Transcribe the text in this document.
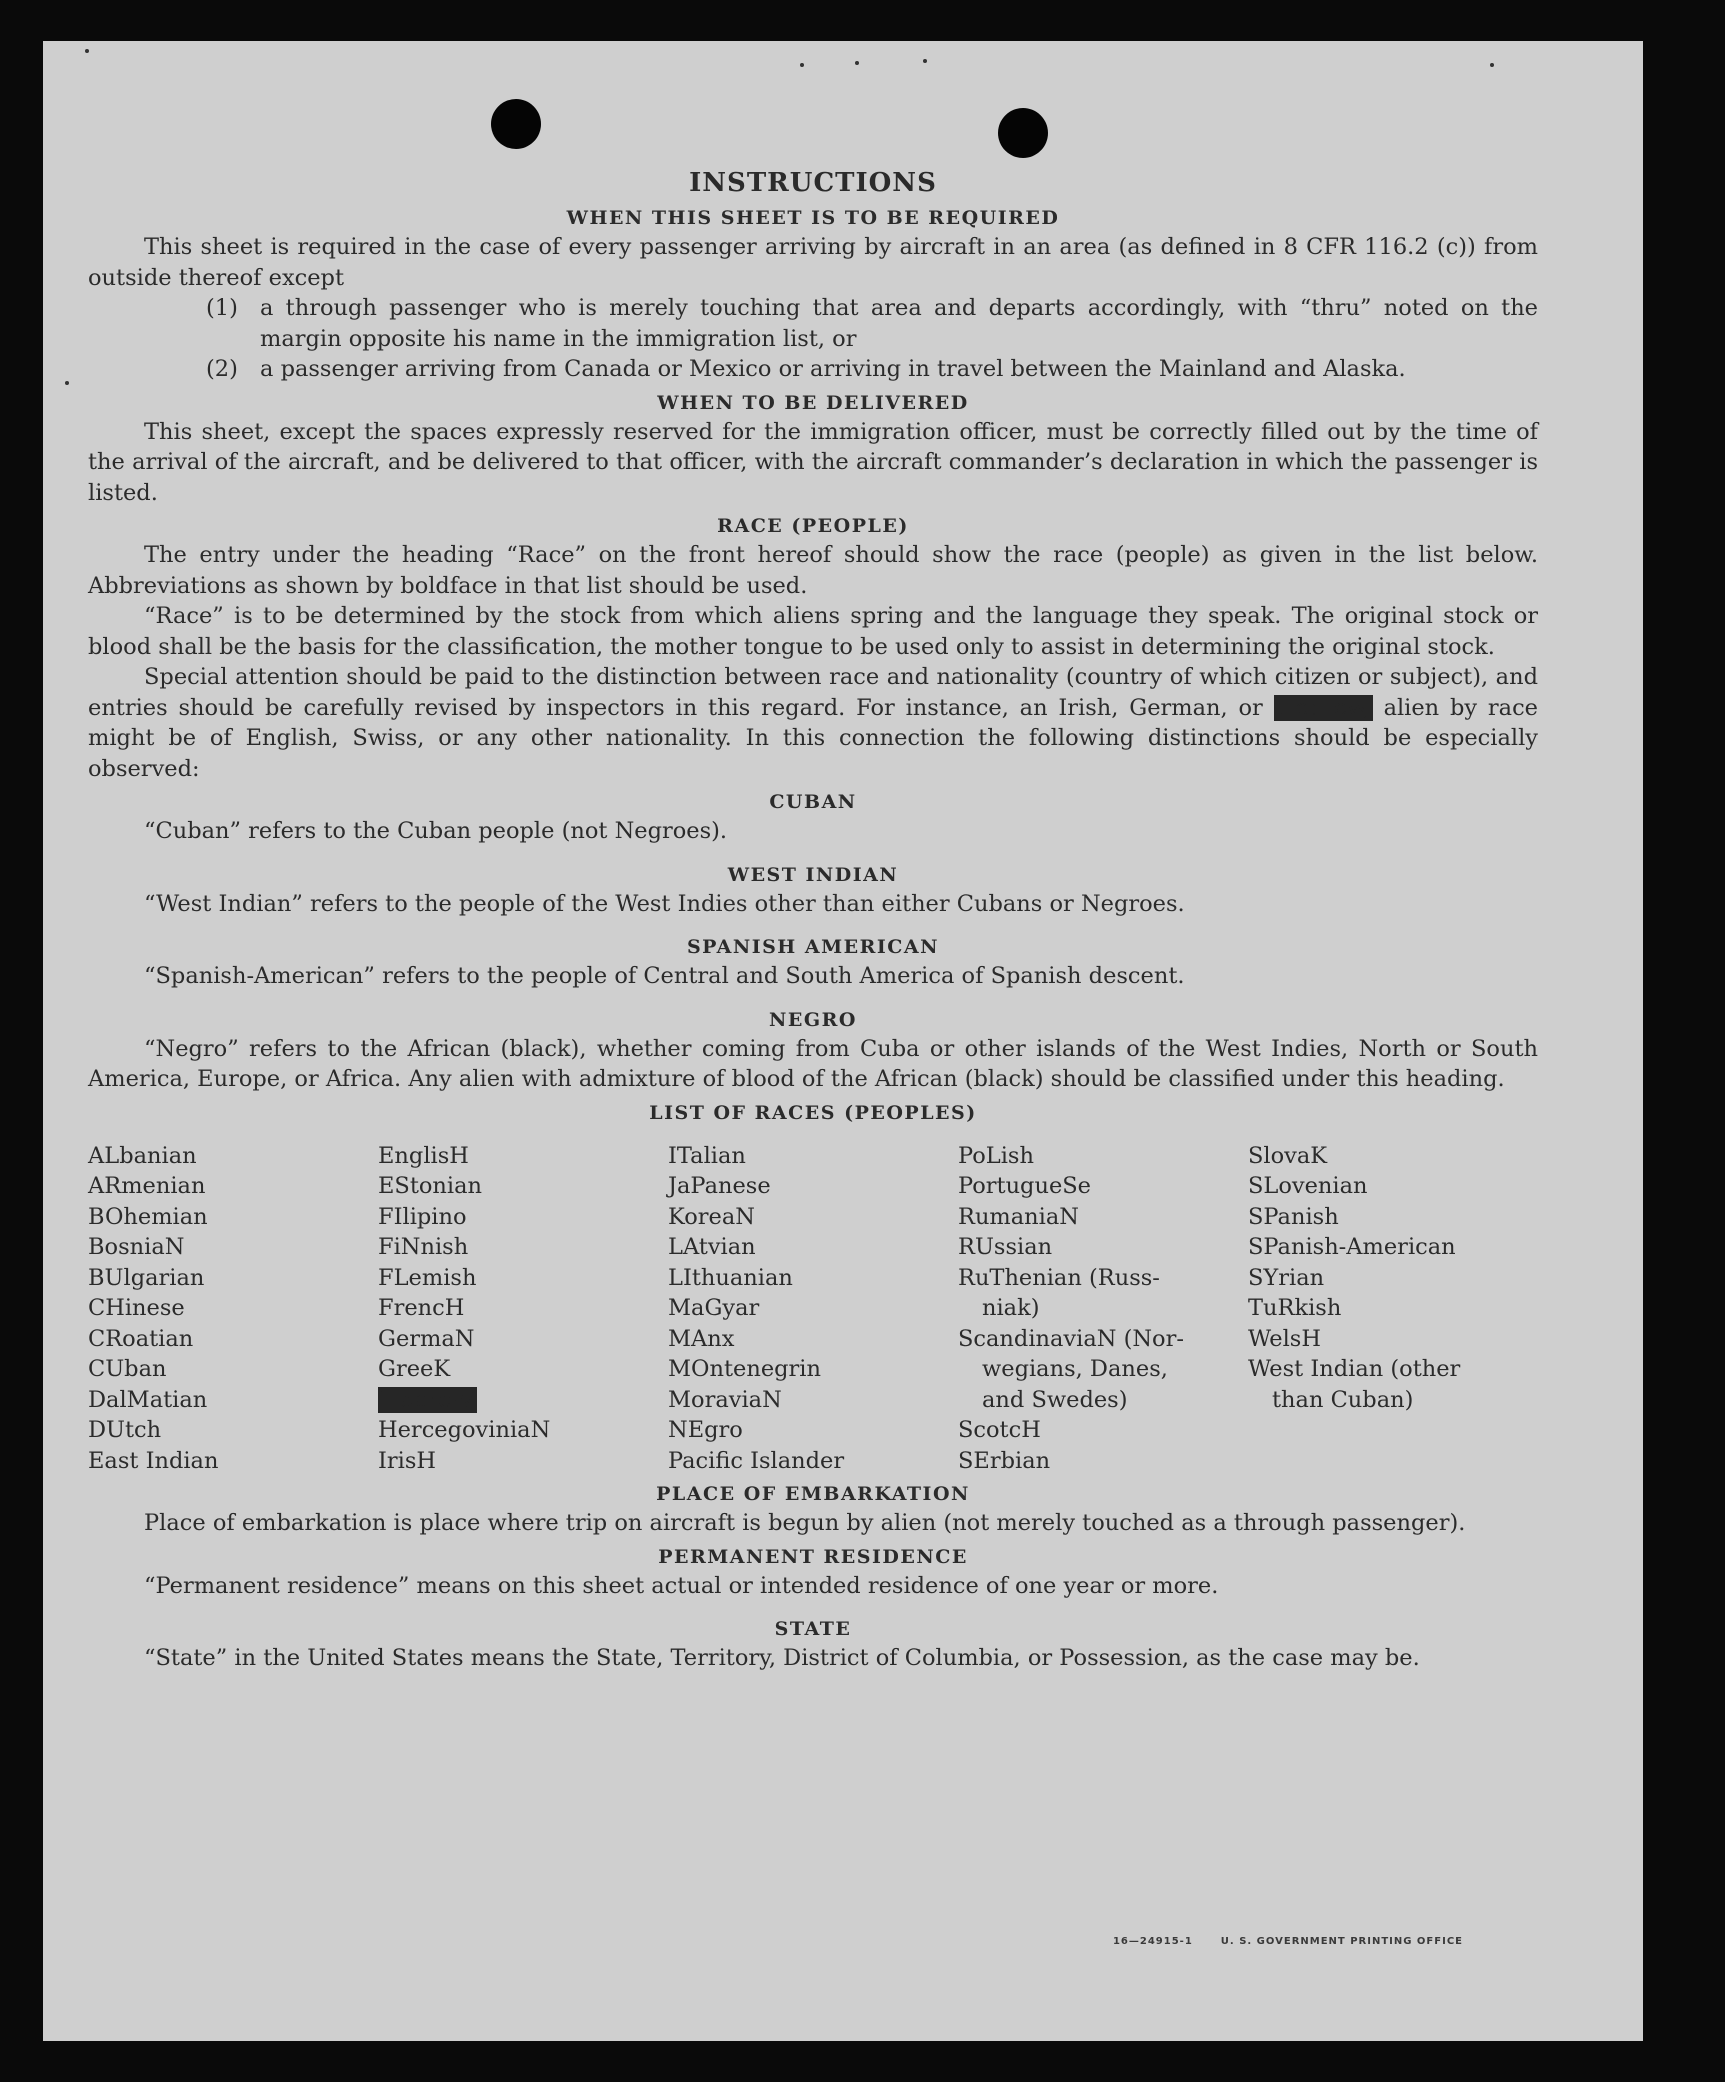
INSTRUCTIONS
WHEN THIS SHEET IS TO BE REQUIRED

This sheet is required in the case of every passenger arriving by aircraft in an area (as defined in 8 CFR 116.2 (c)) from outside thereof except

(1) a through passenger who is merely touching that area and departs accordingly, with “thru” noted on the margin opposite his name in the immigration list, or
(2) a passenger arriving from Canada or Mexico or arriving in travel between the Mainland and Alaska.
WHEN TO BE DELIVERED

This sheet, except the spaces expressly reserved for the immigration officer, must be correctly filled out by the time of the arrival of the aircraft, and be delivered to that officer, with the aircraft commander’s declaration in which the passenger is listed.

RACE (PEOPLE)

The entry under the heading “Race” on the front hereof should show the race (people) as given in the list below. Abbreviations as shown by boldface in that list should be used.

“Race” is to be determined by the stock from which aliens spring and the language they speak. The original stock or blood shall be the basis for the classification, the mother tongue to be used only to assist in determining the original stock.

Special attention should be paid to the distinction between race and nationality (country of which citizen or subject), and entries should be carefully revised by inspectors in this regard. For instance, an Irish, German, or Hebrew, alien by race might be of English, Swiss, or any other nationality. In this connection the following distinctions should be especially observed:

CUBAN

“Cuban” refers to the Cuban people (not Negroes).

WEST INDIAN

“West Indian” refers to the people of the West Indies other than either Cubans or Negroes.

SPANISH AMERICAN

“Spanish-American” refers to the people of Central and South America of Spanish descent.

NEGRO

“Negro” refers to the African (black), whether coming from Cuba or other islands of the West Indies, North or South America, Europe, or Africa. Any alien with admixture of blood of the African (black) should be classified under this heading.

LIST OF RACES (PEOPLES)
ALbanian
ARmenian
BOhemian
BosniaN
BUlgarian
CHinese
CRoatian
CUban
DalMatian
DUtch
East Indian
EnglisH
EStonian
FIlipino
FiNnish
FLemish
FrencH
GermaN
GreeK
HebreW
HercegoviniaN
IrisH
ITalian
JaPanese
KoreaN
LAtvian
LIthuanian
MaGyar
MAnx
MOntenegrin
MoraviaN
NEgro
Pacific Islander
PoLish
PortugueSe
RumaniaN
RUssian
RuThenian (Russ-
niak)
ScandinaviaN (Nor-
wegians, Danes,
and Swedes)
ScotcH
SErbian
SlovaK
SLovenian
SPanish
SPanish-American
SYrian
TuRkish
WelsH
West Indian (other
than Cuban)
PLACE OF EMBARKATION

Place of embarkation is place where trip on aircraft is begun by alien (not merely touched as a through passenger).

PERMANENT RESIDENCE

“Permanent residence” means on this sheet actual or intended residence of one year or more.

STATE

“State” in the United States means the State, Territory, District of Columbia, or Possession, as the case may be.

16—24915-1	U. S. GOVERNMENT PRINTING OFFICE
